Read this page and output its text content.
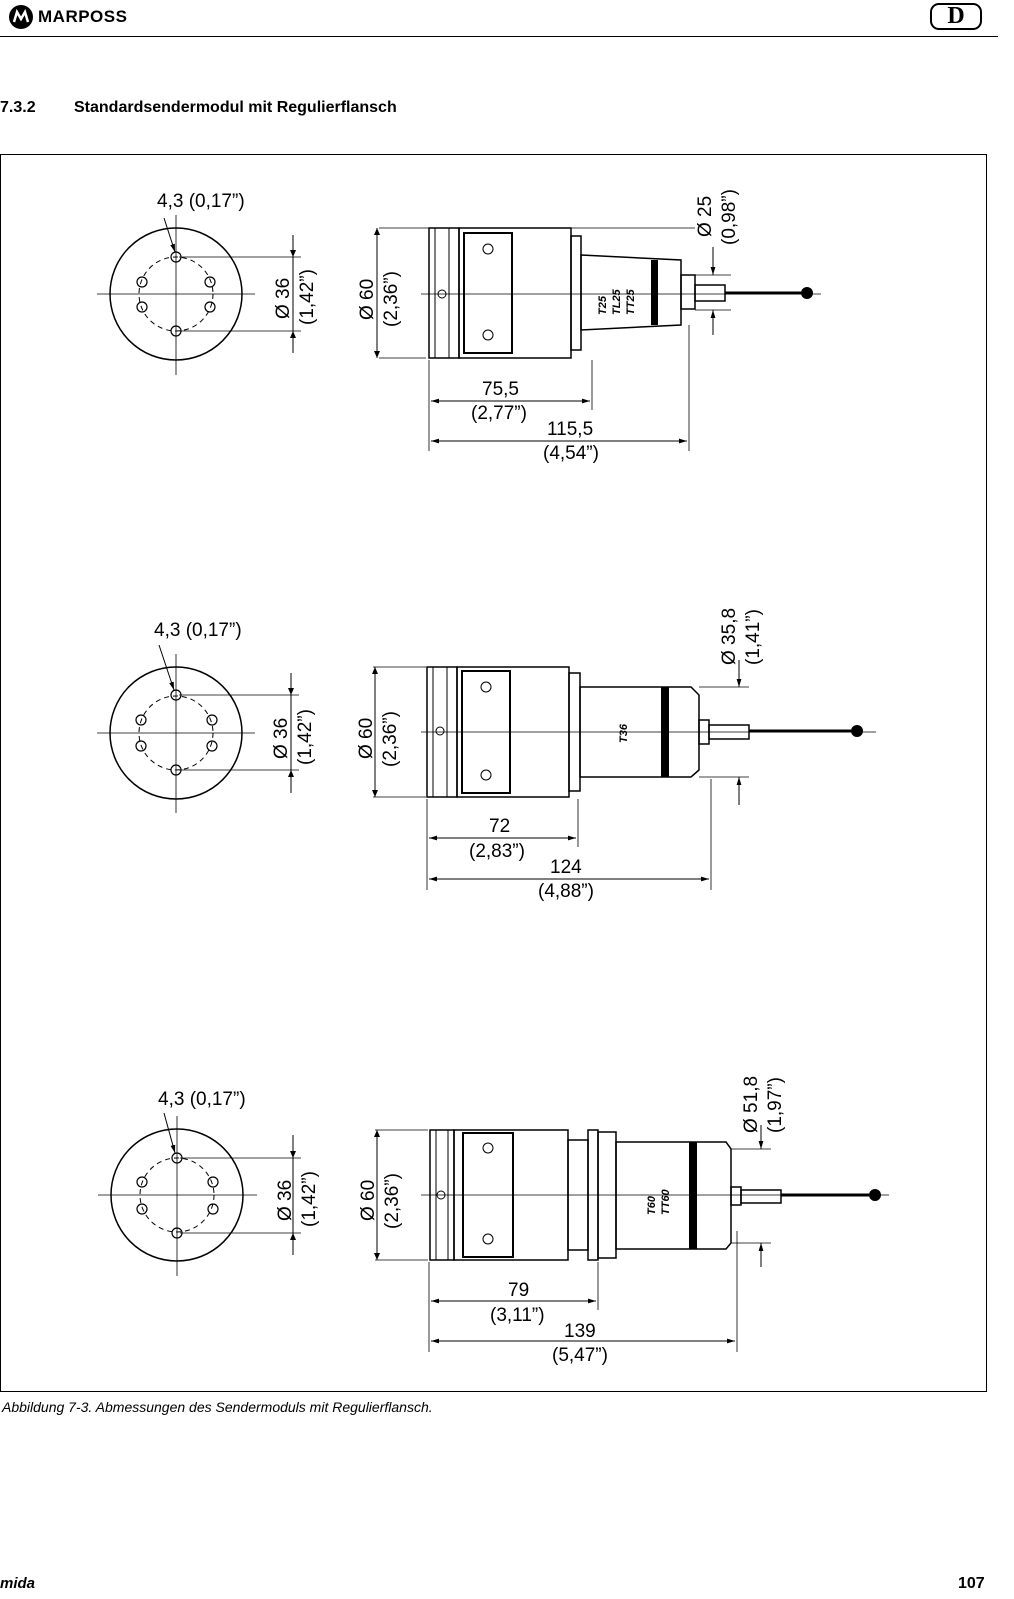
MARPOSS	D
7.3.2 Standardsendermodul mit Regulierflansch
4,3 (0,17”)
Ø 36 (1,42”) Ø 60 (2,36”)	T25 TL25 TT25
Ø 25 (0,98”)
75,5
(2,77”)
115,5
(4,54”)
4,3 (0,17”)
Ø 36 (1,42”) Ø 60 (2,36”)	T36
Ø 35,8 (1,41”)
72
(2,83”)
124
(4,88”)
4,3 (0,17”)
Ø 36 (1,42”) Ø 60 (2,36”)	T60 TT60
Ø 51,8 (1,97”)
79
(3,11”)
139
(5,47”)
Abbildung 7-3. Abmessungen des Sendermoduls mit Regulierflansch.
mida	107
